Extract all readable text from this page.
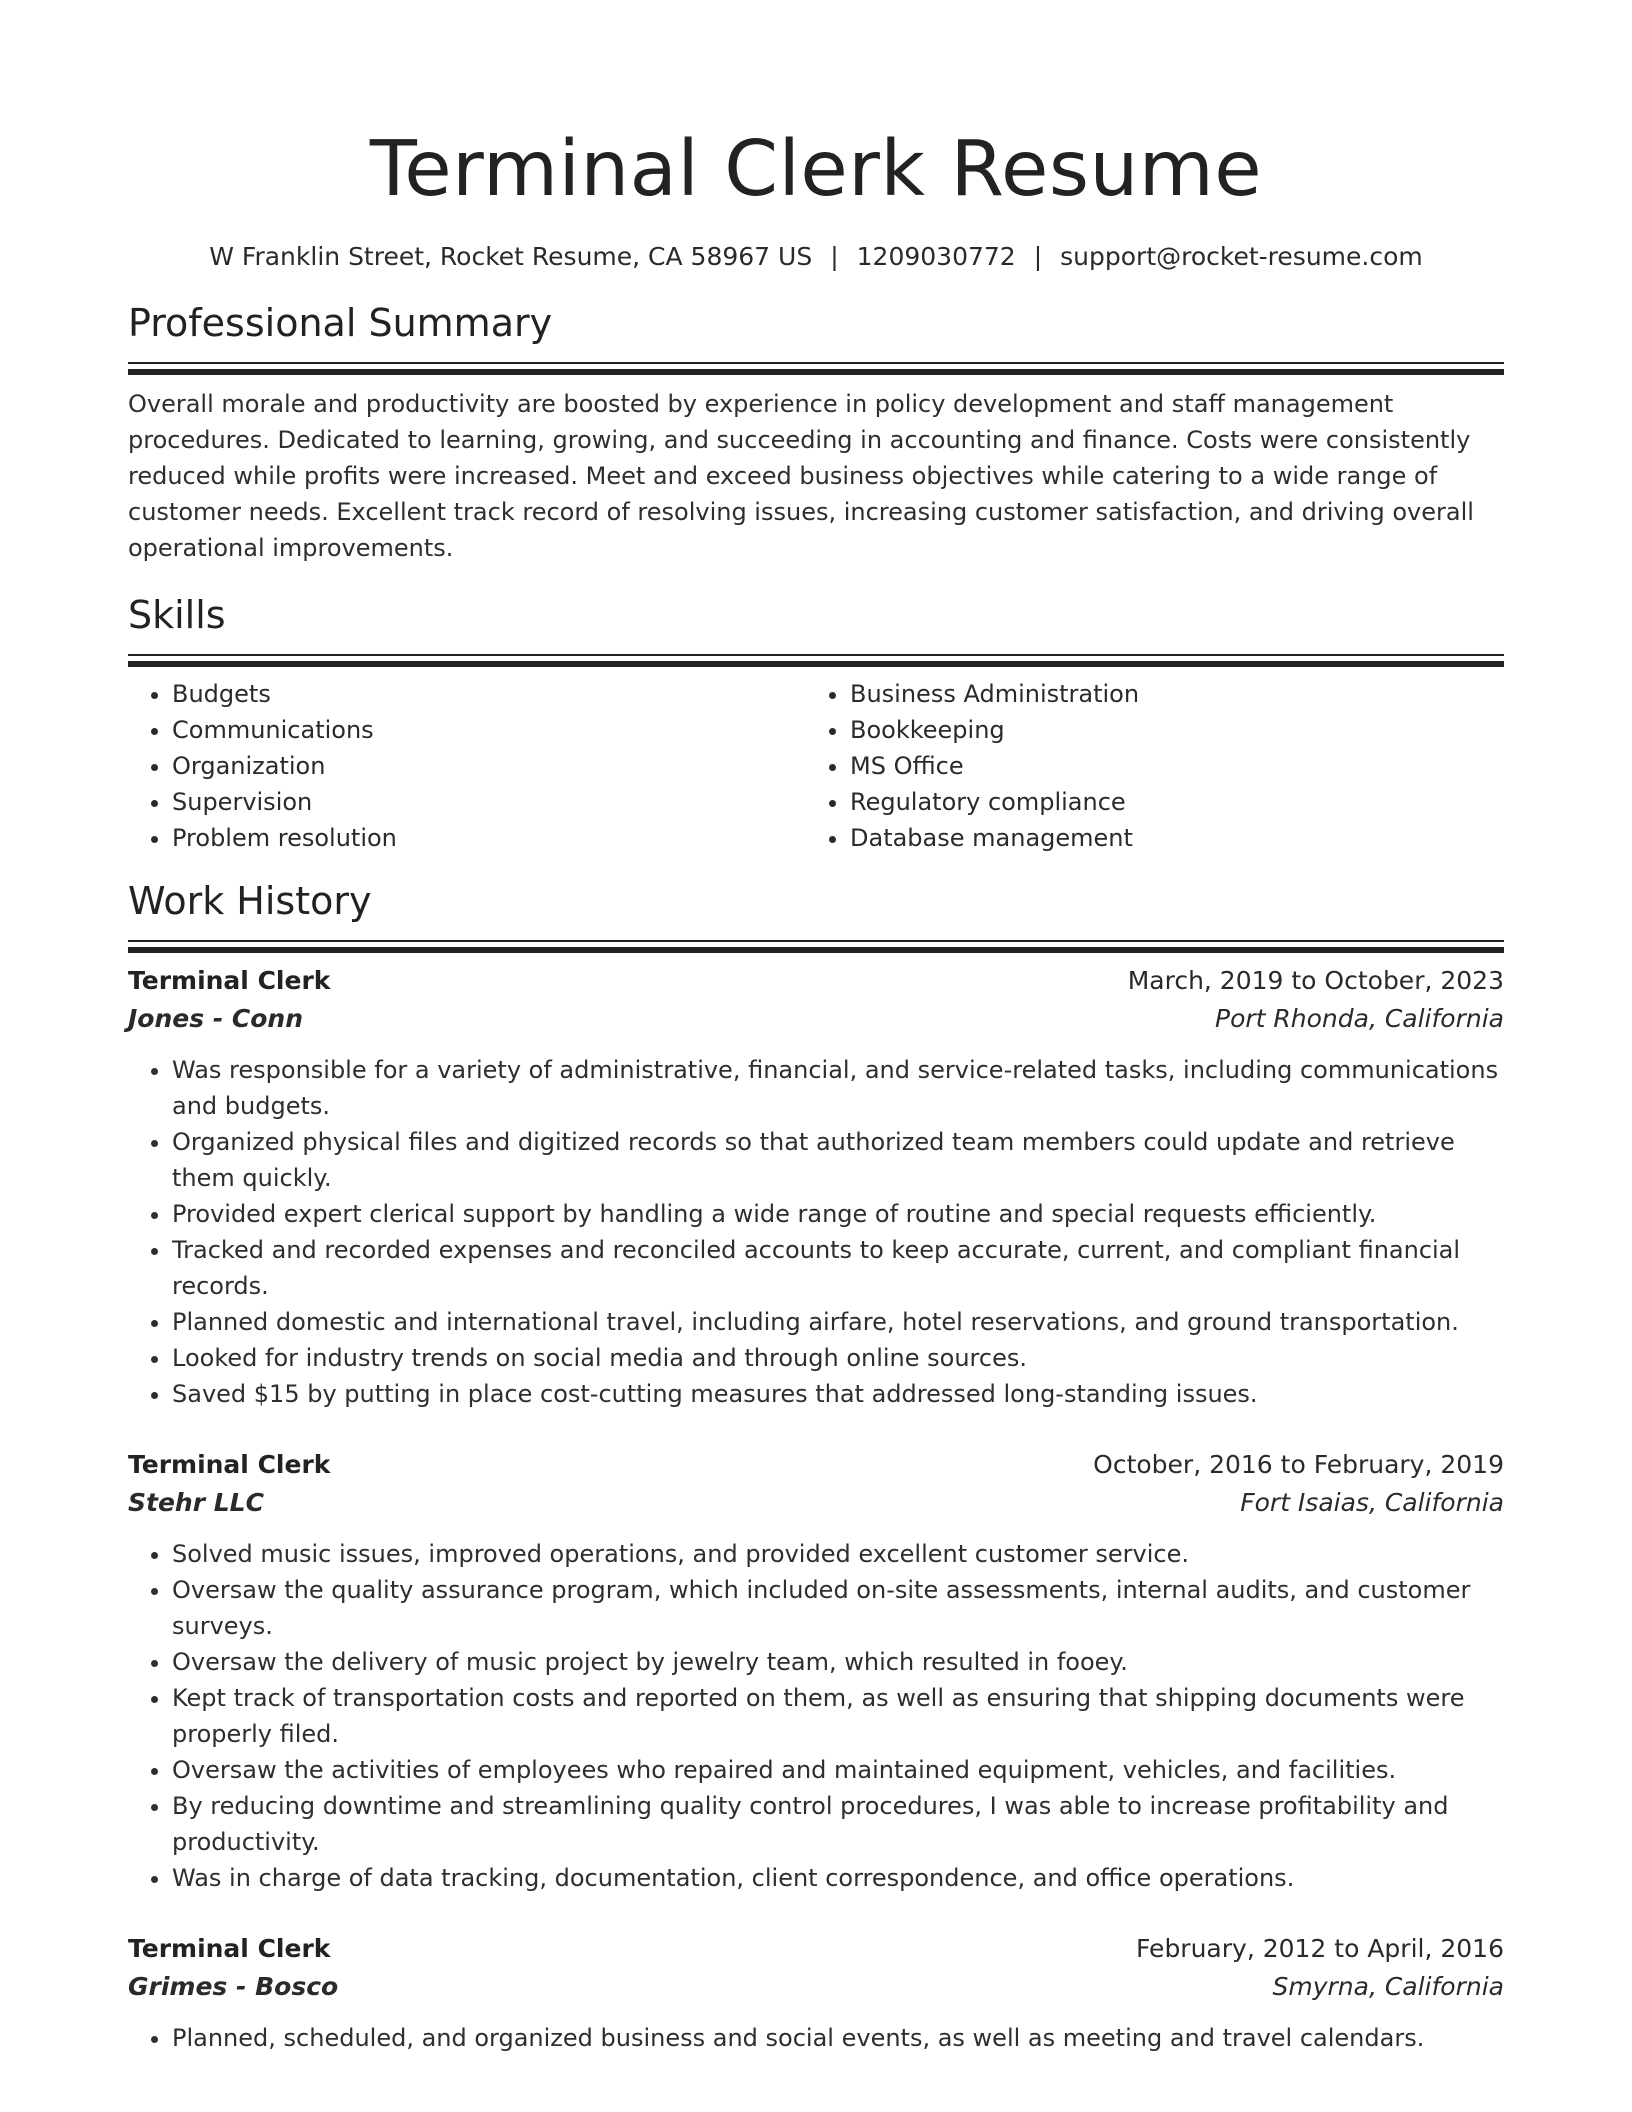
Terminal Clerk Resume
W Franklin Street, Rocket Resume, CA 58967 US | 1209030772 | support@rocket-resume.com
Professional Summary

Overall morale and productivity are boosted by experience in policy development and staff management procedures. Dedicated to learning, growing, and succeeding in accounting and finance. Costs were consistently reduced while profits were increased. Meet and exceed business objectives while catering to a wide range of customer needs. Excellent track record of resolving issues, increasing customer satisfaction, and driving overall operational improvements.

Skills
• Budgets
• Communications
• Organization
• Supervision
• Problem resolution
• Business Administration
• Bookkeeping
• MS Office
• Regulatory compliance
• Database management
Work History
Terminal Clerk	March, 2019 to October, 2023
Jones - Conn	Port Rhonda, California
• Was responsible for a variety of administrative, financial, and service-related tasks, including communications and budgets.
• Organized physical files and digitized records so that authorized team members could update and retrieve them quickly.
• Provided expert clerical support by handling a wide range of routine and special requests efficiently.
• Tracked and recorded expenses and reconciled accounts to keep accurate, current, and compliant financial records.
• Planned domestic and international travel, including airfare, hotel reservations, and ground transportation.
• Looked for industry trends on social media and through online sources.
• Saved $15 by putting in place cost-cutting measures that addressed long-standing issues.
Terminal Clerk	October, 2016 to February, 2019
Stehr LLC	Fort Isaias, California
• Solved music issues, improved operations, and provided excellent customer service.
• Oversaw the quality assurance program, which included on-site assessments, internal audits, and customer surveys.
• Oversaw the delivery of music project by jewelry team, which resulted in fooey.
• Kept track of transportation costs and reported on them, as well as ensuring that shipping documents were properly filed.
• Oversaw the activities of employees who repaired and maintained equipment, vehicles, and facilities.
• By reducing downtime and streamlining quality control procedures, I was able to increase profitability and productivity.
• Was in charge of data tracking, documentation, client correspondence, and office operations.
Terminal Clerk	February, 2012 to April, 2016
Grimes - Bosco	Smyrna, California
• Planned, scheduled, and organized business and social events, as well as meeting and travel calendars.
